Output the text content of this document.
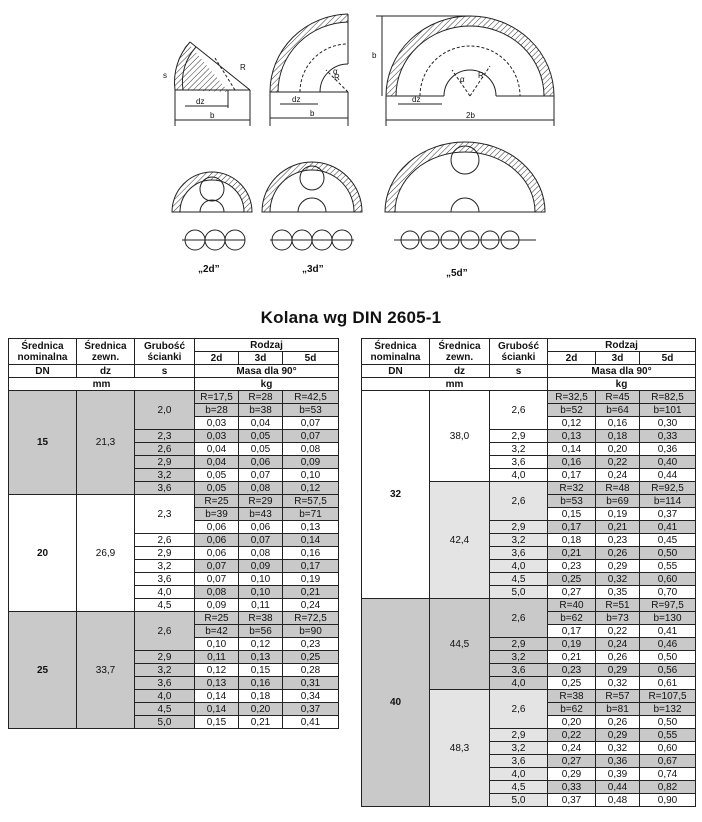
s
dz
b
R
dz
b
R
α
b
dz
2b
R
α
„2d”	„3d”	„5d”
Kolana wg DIN 2605-1
Średnica nominalna	Średnica zewn.	Grubość ścianki	Rodzaj		
			2d	3d	5d
DN	dz	s	Masa dla 90°		
mm			kg		
15	21,3	2,0	R=17,5	R=28	R=42,5
			b=28	b=38	b=53
			0,03	0,04	0,07
		2,3	0,03	0,05	0,07
		2,6	0,04	0,05	0,08
		2,9	0,04	0,06	0,09
		3,2	0,05	0,07	0,10
		3,6	0,05	0,08	0,12
20	26,9	2,3	R=25	R=29	R=57,5
			b=39	b=43	b=71
			0,06	0,06	0,13
		2,6	0,06	0,07	0,14
		2,9	0,06	0,08	0,16
		3,2	0,07	0,09	0,17
		3,6	0,07	0,10	0,19
		4,0	0,08	0,10	0,21
		4,5	0,09	0,11	0,24
25	33,7	2,6	R=25	R=38	R=72,5
			b=42	b=56	b=90
			0,10	0,12	0,23
		2,9	0,11	0,13	0,25
		3,2	0,12	0,15	0,28
		3,6	0,13	0,16	0,31
		4,0	0,14	0,18	0,34
		4,5	0,14	0,20	0,37
		5,0	0,15	0,21	0,41
Średnica nominalna	Średnica zewn.	Grubość ścianki	Rodzaj		
			2d	3d	5d
DN	dz	s	Masa dla 90°		
mm			kg		
32	38,0	2,6	R=32,5	R=45	R=82,5
			b=52	b=64	b=101
			0,12	0,16	0,30
		2,9	0,13	0,18	0,33
		3,2	0,14	0,20	0,36
		3,6	0,16	0,22	0,40
		4,0	0,17	0,24	0,44
	42,4	2,6	R=32	R=48	R=92,5
			b=53	b=69	b=114
			0,15	0,19	0,37
		2,9	0,17	0,21	0,41
		3,2	0,18	0,23	0,45
		3,6	0,21	0,26	0,50
		4,0	0,23	0,29	0,55
		4,5	0,25	0,32	0,60
		5,0	0,27	0,35	0,70
40	44,5	2,6	R=40	R=51	R=97,5
			b=62	b=73	b=130
			0,17	0,22	0,41
		2,9	0,19	0,24	0,46
		3,2	0,21	0,26	0,50
		3,6	0,23	0,29	0,56
		4,0	0,25	0,32	0,61
	48,3	2,6	R=38	R=57	R=107,5
			b=62	b=81	b=132
			0,20	0,26	0,50
		2,9	0,22	0,29	0,55
		3,2	0,24	0,32	0,60
		3,6	0,27	0,36	0,67
		4,0	0,29	0,39	0,74
		4,5	0,33	0,44	0,82
		5,0	0,37	0,48	0,90
